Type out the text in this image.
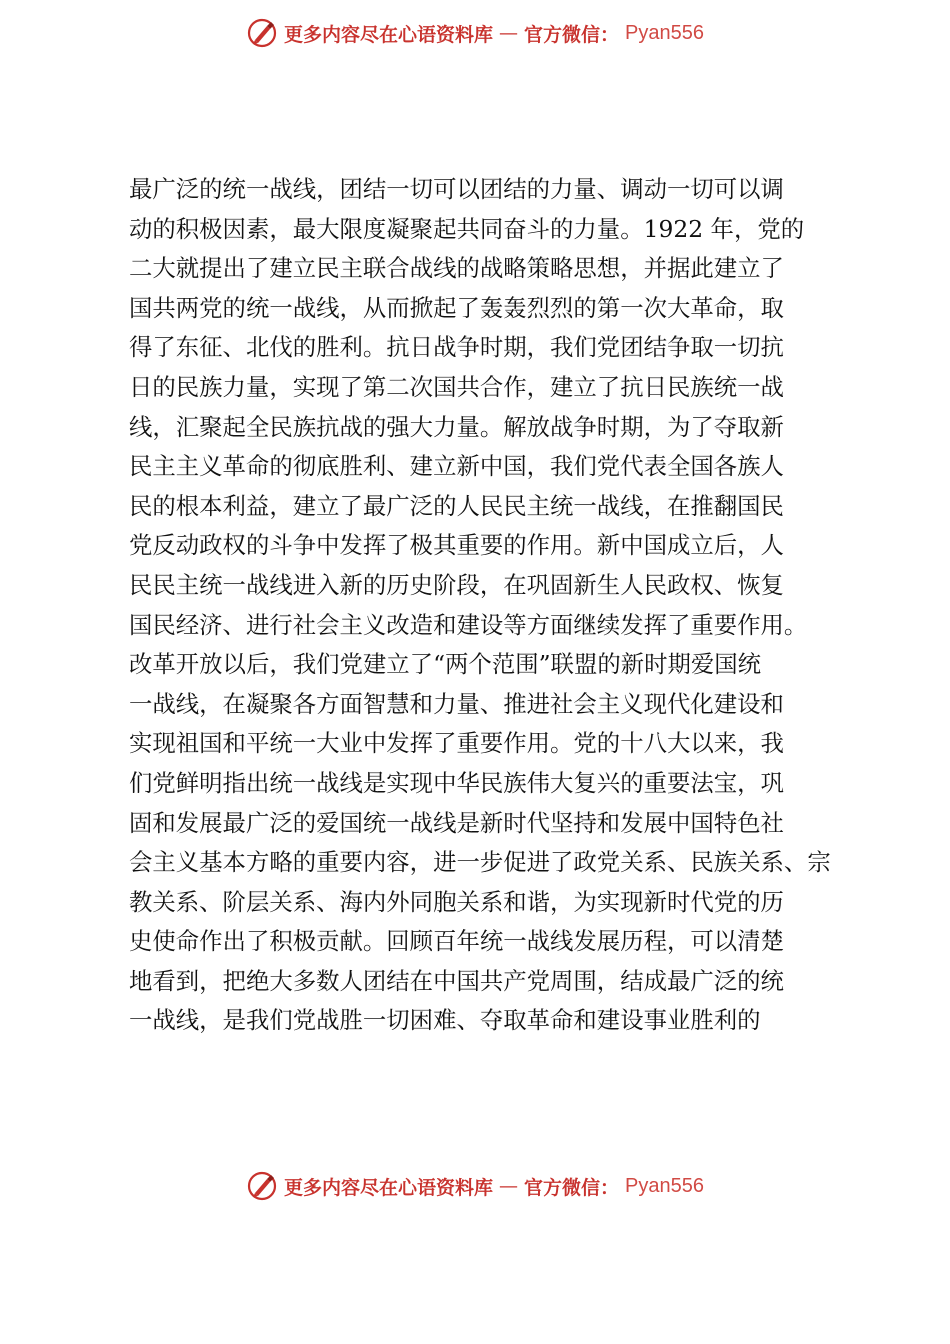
更多内容尽在心语资料库 — 官方微信： Pyan556
最广泛的统一战线，团结一切可以团结的力量、调动一切可以调
动的积极因素，最大限度凝聚起共同奋斗的力量。1922 年，党的
二大就提出了建立民主联合战线的战略策略思想，并据此建立了
国共两党的统一战线，从而掀起了轰轰烈烈的第一次大革命，取
得了东征、北伐的胜利。抗日战争时期，我们党团结争取一切抗
日的民族力量，实现了第二次国共合作，建立了抗日民族统一战
线，汇聚起全民族抗战的强大力量。解放战争时期，为了夺取新
民主主义革命的彻底胜利、建立新中国，我们党代表全国各族人
民的根本利益，建立了最广泛的人民民主统一战线，在推翻国民
党反动政权的斗争中发挥了极其重要的作用。新中国成立后，人
民民主统一战线进入新的历史阶段，在巩固新生人民政权、恢复
国民经济、进行社会主义改造和建设等方面继续发挥了重要作用。
改革开放以后，我们党建立了“两个范围”联盟的新时期爱国统
一战线，在凝聚各方面智慧和力量、推进社会主义现代化建设和
实现祖国和平统一大业中发挥了重要作用。党的十八大以来，我
们党鲜明指出统一战线是实现中华民族伟大复兴的重要法宝，巩
固和发展最广泛的爱国统一战线是新时代坚持和发展中国特色社
会主义基本方略的重要内容，进一步促进了政党关系、民族关系、宗
教关系、阶层关系、海内外同胞关系和谐，为实现新时代党的历
史使命作出了积极贡献。回顾百年统一战线发展历程，可以清楚
地看到，把绝大多数人团结在中国共产党周围，结成最广泛的统
一战线，是我们党战胜一切困难、夺取革命和建设事业胜利的
更多内容尽在心语资料库 — 官方微信： Pyan556
